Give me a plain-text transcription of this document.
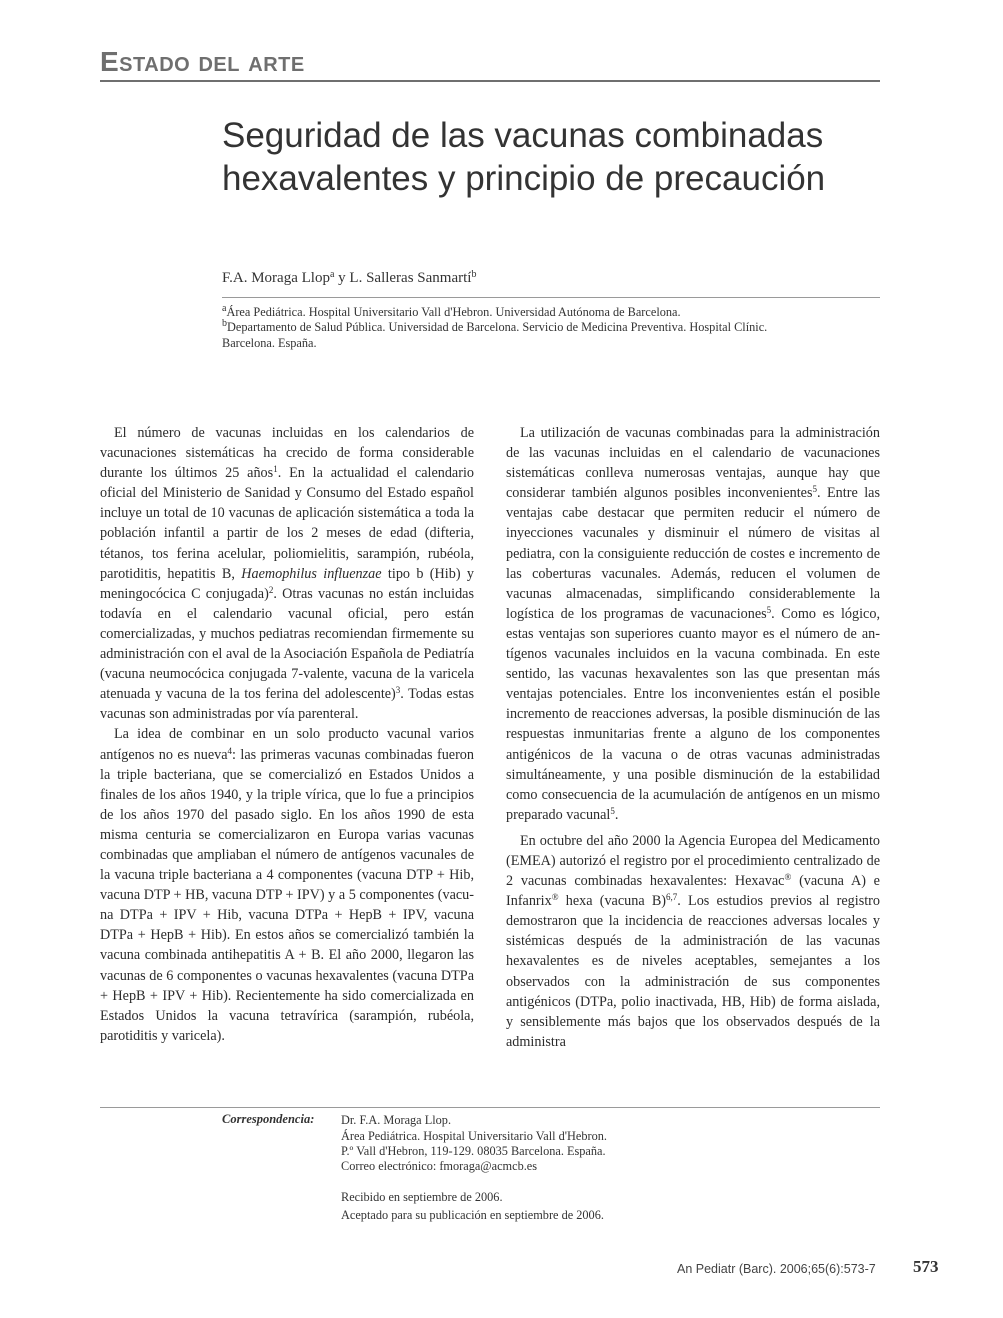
Estado del arte
Seguridad de las vacunas combinadas hexavalentes y principio de precaución
F.A. Moraga Llop$^a$ y L. Salleras Sanmartí$^b$
$^a$Área Pediátrica. Hospital Universitario Vall d'Hebron. Universidad Autónoma de Barcelona.
$^b$Departamento de Salud Pública. Universidad de Barcelona. Servicio de Medicina Preventiva. Hospital Clínic.
Barcelona. España.

El número de vacunas incluidas en los calendarios de vacunaciones sistemáticas ha crecido de forma considerable durante los últimos 25 años$^1$. En la actualidad el calendario oficial del Ministerio de Sanidad y Consumo del Estado español incluye un total de 10 vacunas de aplicación sistemática a toda la población infantil a partir de los 2 meses de edad (difteria, tétanos, tos ferina acelular, poliomielitis, sarampión, rubéola, parotiditis, hepatitis B, Haemophilus influenzae tipo b (Hib) y meningocócica C conjugada)$^2$. Otras vacunas no están incluidas todavía en el calendario vacunal oficial, pero están comercializadas, y muchos pediatras recomiendan firmemente su administración con el aval de la Asociación Española de Pediatría (vacuna neumocócica conjugada 7-valente, vacuna de la varicela atenuada y vacuna de la tos ferina del adolescente)$^3$. Todas estas vacunas son administradas por vía parenteral.

La idea de combinar en un solo producto vacunal varios antígenos no es nueva$^4$: las primeras vacunas combinadas fueron la triple bacteriana, que se comercializó en Estados Unidos a finales de los años 1940, y la triple vírica, que lo fue a principios de los años 1970 del pasado siglo. En los años 1990 de esta misma centuria se comercializaron en Europa varias vacunas combinadas que ampliaban el número de antígenos vacunales de la vacuna triple bacteriana a 4 componentes (vacuna DTP + Hib, vacuna DTP + HB, vacuna DTP + IPV) y a 5 componentes (vacuna DTPa + IPV + Hib, vacuna DTPa + HepB + IPV, vacuna DTPa + HepB + Hib). En estos años se comercializó también la vacuna combinada antihepatitis A + B. El año 2000, llegaron las vacunas de 6 componentes o vacunas hexavalentes (vacuna DTPa + HepB + IPV + Hib). Recientemente ha sido comercializada en Estados Unidos la vacuna tetravírica (sarampión, rubéola, parotiditis y varicela).

La utilización de vacunas combinadas para la administración de las vacunas incluidas en el calendario de vacunaciones sistemáticas conlleva numerosas ventajas, aunque hay que considerar también algunos posibles inconvenientes$^5$. Entre las ventajas cabe destacar que permiten reducir el número de inyecciones vacunales y disminuir el número de visitas al pediatra, con la consiguiente reducción de costes e incremento de las coberturas vacunales. Además, reducen el volumen de vacunas almacenadas, simplificando considerablemente la logística de los programas de vacunaciones$^5$. Como es lógico, estas ventajas son superiores cuanto mayor es el número de antígenos vacunales incluidos en la vacuna combinada. En este sentido, las vacunas hexavalentes son las que presentan más ventajas potenciales. Entre los inconvenientes están el posible incremento de reacciones adversas, la posible disminución de las respuestas inmunitarias frente a alguno de los componentes antigénicos de la vacuna o de otras vacunas administradas simultáneamente, y una posible disminución de la estabilidad como consecuencia de la acumulación de antígenos en un mismo preparado vacunal$^5$.

En octubre del año 2000 la Agencia Europea del Medicamento (EMEA) autorizó el registro por el procedimiento centralizado de 2 vacunas combinadas hexavalentes: Hexavac® (vacuna A) e Infanrix® hexa (vacuna B)$^{6,7}$. Los estudios previos al registro demostraron que la incidencia de reacciones adversas locales y sistémicas después de la administración de las vacunas hexavalentes es de niveles aceptables, semejantes a los observados con la administración de sus componentes antigénicos (DTPa, polio inactivada, HB, Hib) de forma aislada, y sensiblemente más bajos que los observados después de la administra

Correspondencia: Dr. F.A. Moraga Llop.
Área Pediátrica. Hospital Universitario Vall d'Hebron.
P.º Vall d'Hebron, 119-129. 08035 Barcelona. España.
Correo electrónico: fmoraga@acmcb.es
Recibido en septiembre de 2006.
Aceptado para su publicación en septiembre de 2006.
An Pediatr (Barc). 2006;65(6):573-7 573
